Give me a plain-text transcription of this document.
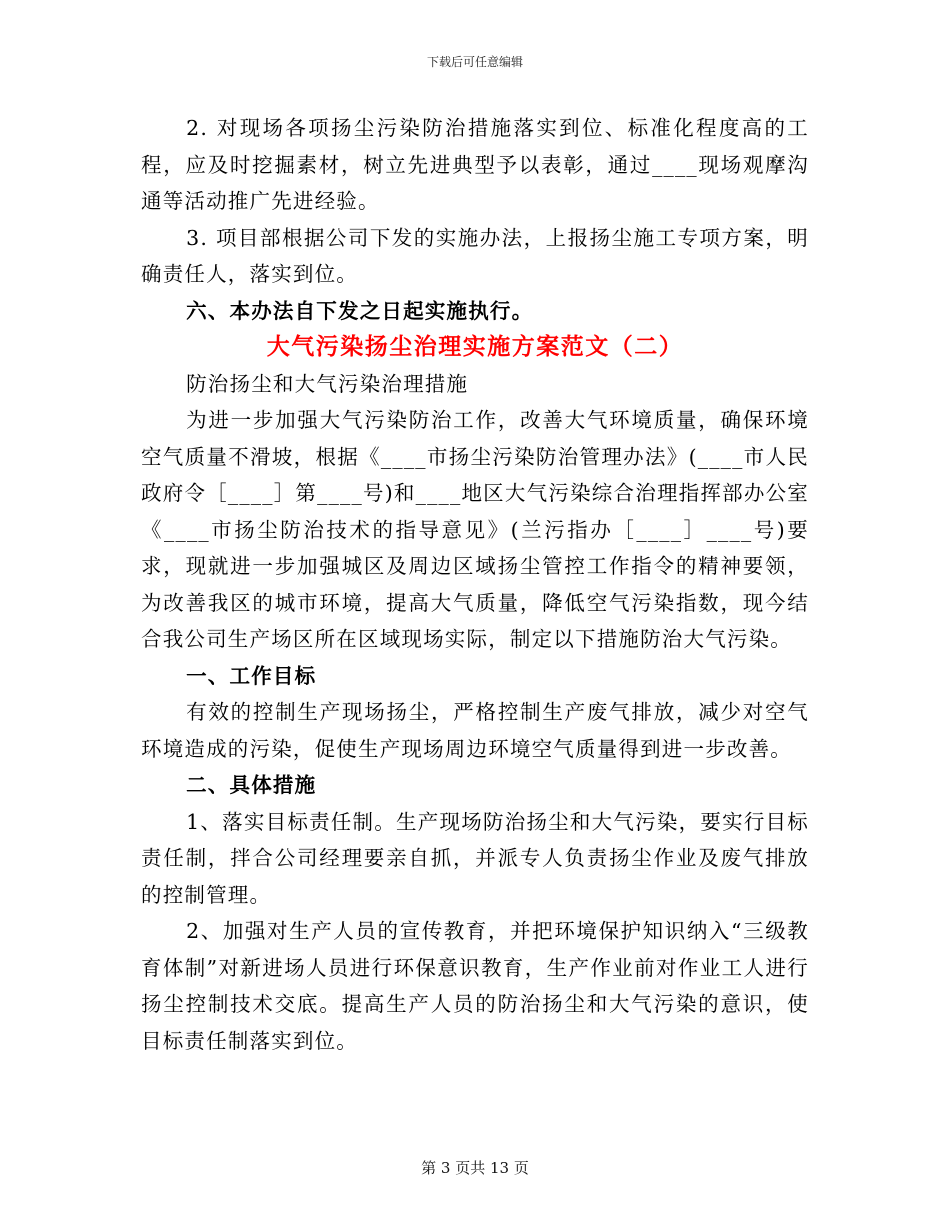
下载后可任意编辑

2. 对现场各项扬尘污染防治措施落实到位、标准化程度高的工程，应及时挖掘素材，树立先进典型予以表彰，通过____现场观摩沟通等活动推广先进经验。

3. 项目部根据公司下发的实施办法，上报扬尘施工专项方案，明确责任人，落实到位。

六、本办法自下发之日起实施执行。

大气污染扬尘治理实施方案范文（二）

防治扬尘和大气污染治理措施

为进一步加强大气污染防治工作，改善大气环境质量，确保环境空气质量不滑坡，根据《____市扬尘污染防治管理办法》(____市人民政府令［____］第____号)和____地区大气污染综合治理指挥部办公室《____市扬尘防治技术的指导意见》(兰污指办［____］____号)要求，现就进一步加强城区及周边区域扬尘管控工作指令的精神要领，为改善我区的城市环境，提高大气质量，降低空气污染指数，现今结合我公司生产场区所在区域现场实际，制定以下措施防治大气污染。

一、工作目标

有效的控制生产现场扬尘，严格控制生产废气排放，减少对空气环境造成的污染，促使生产现场周边环境空气质量得到进一步改善。

二、具体措施

1、落实目标责任制。生产现场防治扬尘和大气污染，要实行目标责任制，拌合公司经理要亲自抓，并派专人负责扬尘作业及废气排放的控制管理。

2、加强对生产人员的宣传教育，并把环境保护知识纳入“三级教育体制”对新进场人员进行环保意识教育，生产作业前对作业工人进行扬尘控制技术交底。提高生产人员的防治扬尘和大气污染的意识，使目标责任制落实到位。

第 3 页共 13 页
